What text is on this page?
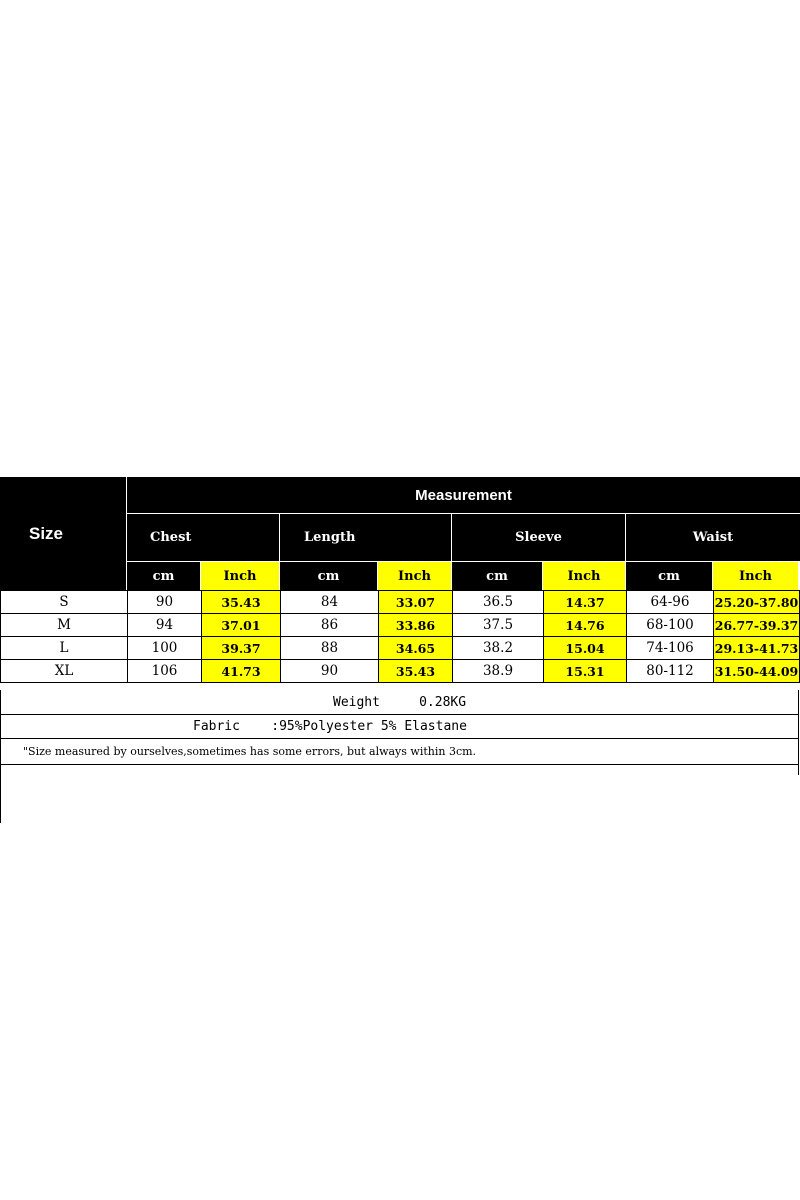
Size
Measurement
Chest	Length	Sleeve	Waist
cm	Inch	cm	Inch	cm	Inch	cm	Inch
S	90	35.43	84	33.07	36.5	14.37	64-96	25.20-37.80
M	94	37.01	86	33.86	37.5	14.76	68-100	26.77-39.37
L	100	39.37	88	34.65	38.2	15.04	74-106	29.13-41.73
XL	106	41.73	90	35.43	38.9	15.31	80-112	31.50-44.09
Weight     0.28KG
Fabric    :95%Polyester 5% Elastane
"Size measured by ourselves,sometimes has some errors, but always within 3cm.
